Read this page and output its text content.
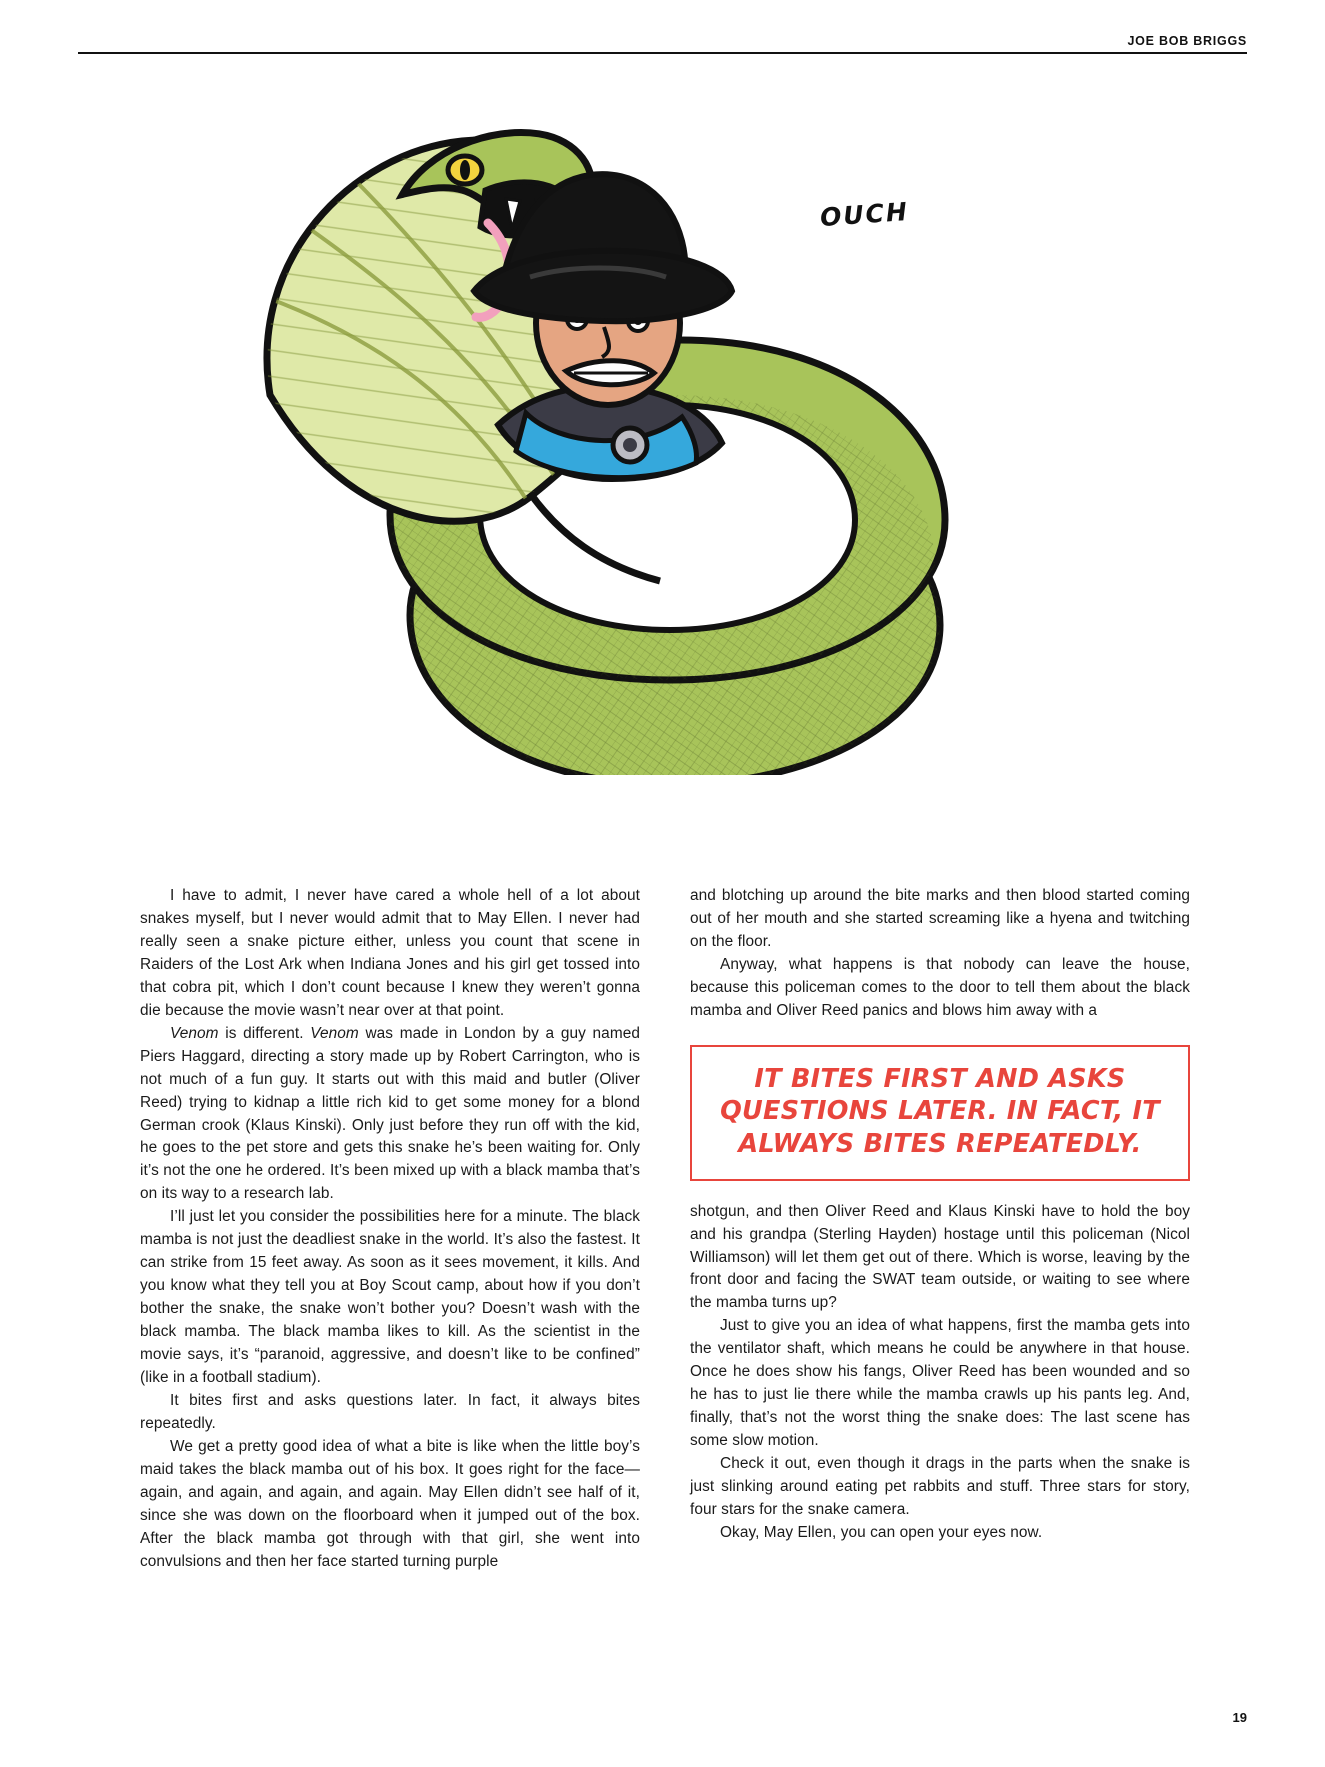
JOE BOB BRIGGS
OUCH

I have to admit, I never have cared a whole hell of a lot about snakes myself, but I never would admit that to May Ellen. I never had really seen a snake picture either, unless you count that scene in Raiders of the Lost Ark when Indiana Jones and his girl get tossed into that cobra pit, which I don’t count because I knew they weren’t gonna die because the movie wasn’t near over at that point.

Venom is different. Venom was made in London by a guy named Piers Haggard, directing a story made up by Robert Carrington, who is not much of a fun guy. It starts out with this maid and butler (Oliver Reed) trying to kidnap a little rich kid to get some money for a blond German crook (Klaus Kinski). Only just before they run off with the kid, he goes to the pet store and gets this snake he’s been waiting for. Only it’s not the one he ordered. It’s been mixed up with a black mamba that’s on its way to a research lab.

I’ll just let you consider the possibilities here for a minute. The black mamba is not just the deadliest snake in the world. It’s also the fastest. It can strike from 15 feet away. As soon as it sees movement, it kills. And you know what they tell you at Boy Scout camp, about how if you don’t bother the snake, the snake won’t bother you? Doesn’t wash with the black mamba. The black mamba likes to kill. As the scientist in the movie says, it’s “paranoid, aggressive, and doesn’t like to be confined” (like in a football stadium).

It bites first and asks questions later. In fact, it always bites repeatedly.

We get a pretty good idea of what a bite is like when the little boy’s maid takes the black mamba out of his box. It goes right for the face—again, and again, and again, and again. May Ellen didn’t see half of it, since she was down on the floorboard when it jumped out of the box. After the black mamba got through with that girl, she went into convulsions and then her face started turning purple

and blotching up around the bite marks and then blood started coming out of her mouth and she started screaming like a hyena and twitching on the floor.

Anyway, what happens is that nobody can leave the house, because this policeman comes to the door to tell them about the black mamba and Oliver Reed panics and blows him away with a

IT BITES FIRST AND ASKS QUESTIONS LATER. IN FACT, IT ALWAYS BITES REPEATEDLY.

shotgun, and then Oliver Reed and Klaus Kinski have to hold the boy and his grandpa (Sterling Hayden) hostage until this policeman (Nicol Williamson) will let them get out of there. Which is worse, leaving by the front door and facing the SWAT team outside, or waiting to see where the mamba turns up?

Just to give you an idea of what happens, first the mamba gets into the ventilator shaft, which means he could be anywhere in that house. Once he does show his fangs, Oliver Reed has been wounded and so he has to just lie there while the mamba crawls up his pants leg. And, finally, that’s not the worst thing the snake does: The last scene has some slow motion.

Check it out, even though it drags in the parts when the snake is just slinking around eating pet rabbits and stuff. Three stars for story, four stars for the snake camera.

Okay, May Ellen, you can open your eyes now.

19
